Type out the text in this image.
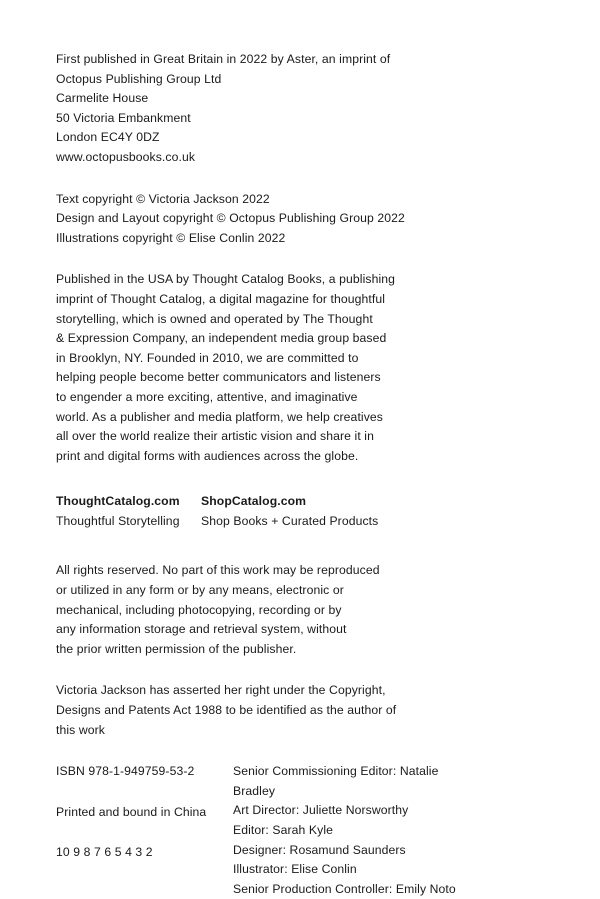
First published in Great Britain in 2022 by Aster, an imprint of
Octopus Publishing Group Ltd
Carmelite House
50 Victoria Embankment
London EC4Y 0DZ
www.octopusbooks.co.uk
Text copyright © Victoria Jackson 2022
Design and Layout copyright © Octopus Publishing Group 2022
Illustrations copyright © Elise Conlin 2022
Published in the USA by Thought Catalog Books, a publishing
imprint of Thought Catalog, a digital magazine for thoughtful
storytelling, which is owned and operated by The Thought
& Expression Company, an independent media group based
in Brooklyn, NY. Founded in 2010, we are committed to
helping people become better communicators and listeners
to engender a more exciting, attentive, and imaginative
world. As a publisher and media platform, we help creatives
all over the world realize their artistic vision and share it in
print and digital forms with audiences across the globe.
ThoughtCatalog.com
Thoughtful Storytelling
ShopCatalog.com
Shop Books + Curated Products
All rights reserved. No part of this work may be reproduced
or utilized in any form or by any means, electronic or
mechanical, including photocopying, recording or by
any information storage and retrieval system, without
the prior written permission of the publisher.
Victoria Jackson has asserted her right under the Copyright,
Designs and Patents Act 1988 to be identified as the author of
this work
ISBN 978-1-949759-53-2
Printed and bound in China
10 9 8 7 6 5 4 3 2
Senior Commissioning Editor: Natalie Bradley
Art Director: Juliette Norsworthy
Editor: Sarah Kyle
Designer: Rosamund Saunders
Illustrator: Elise Conlin
Senior Production Controller: Emily Noto
